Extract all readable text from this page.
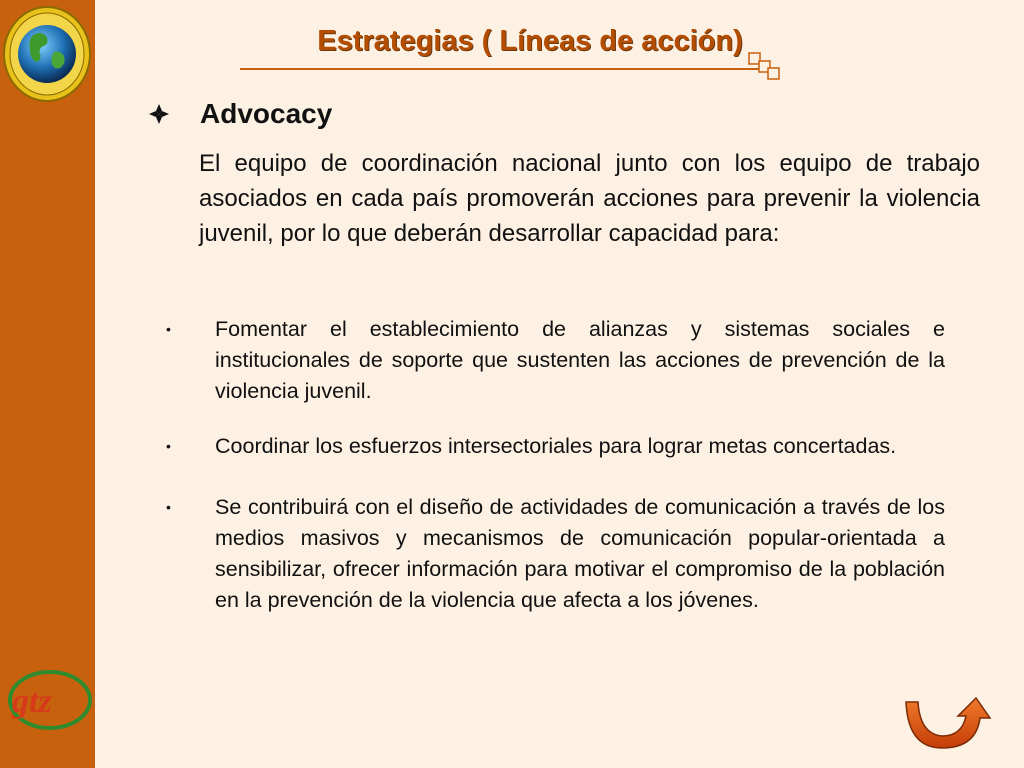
gtz
Estrategias ( Líneas de acción)
Advocacy

El equipo de coordinación nacional junto con los equipo de trabajo asociados en cada país promoverán acciones para prevenir la violencia juvenil, por lo que deberán desarrollar capacidad para:

• Fomentar el establecimiento de alianzas y sistemas sociales e institucionales de soporte que sustenten las acciones de prevención de la violencia juvenil.
• Coordinar los esfuerzos intersectoriales para lograr metas concertadas.
• Se contribuirá con el diseño de actividades de comunicación a través de los medios masivos y mecanismos de comunicación popular-orientada a sensibilizar, ofrecer información para motivar el compromiso de la población en la prevención de la violencia que afecta a los jóvenes.
